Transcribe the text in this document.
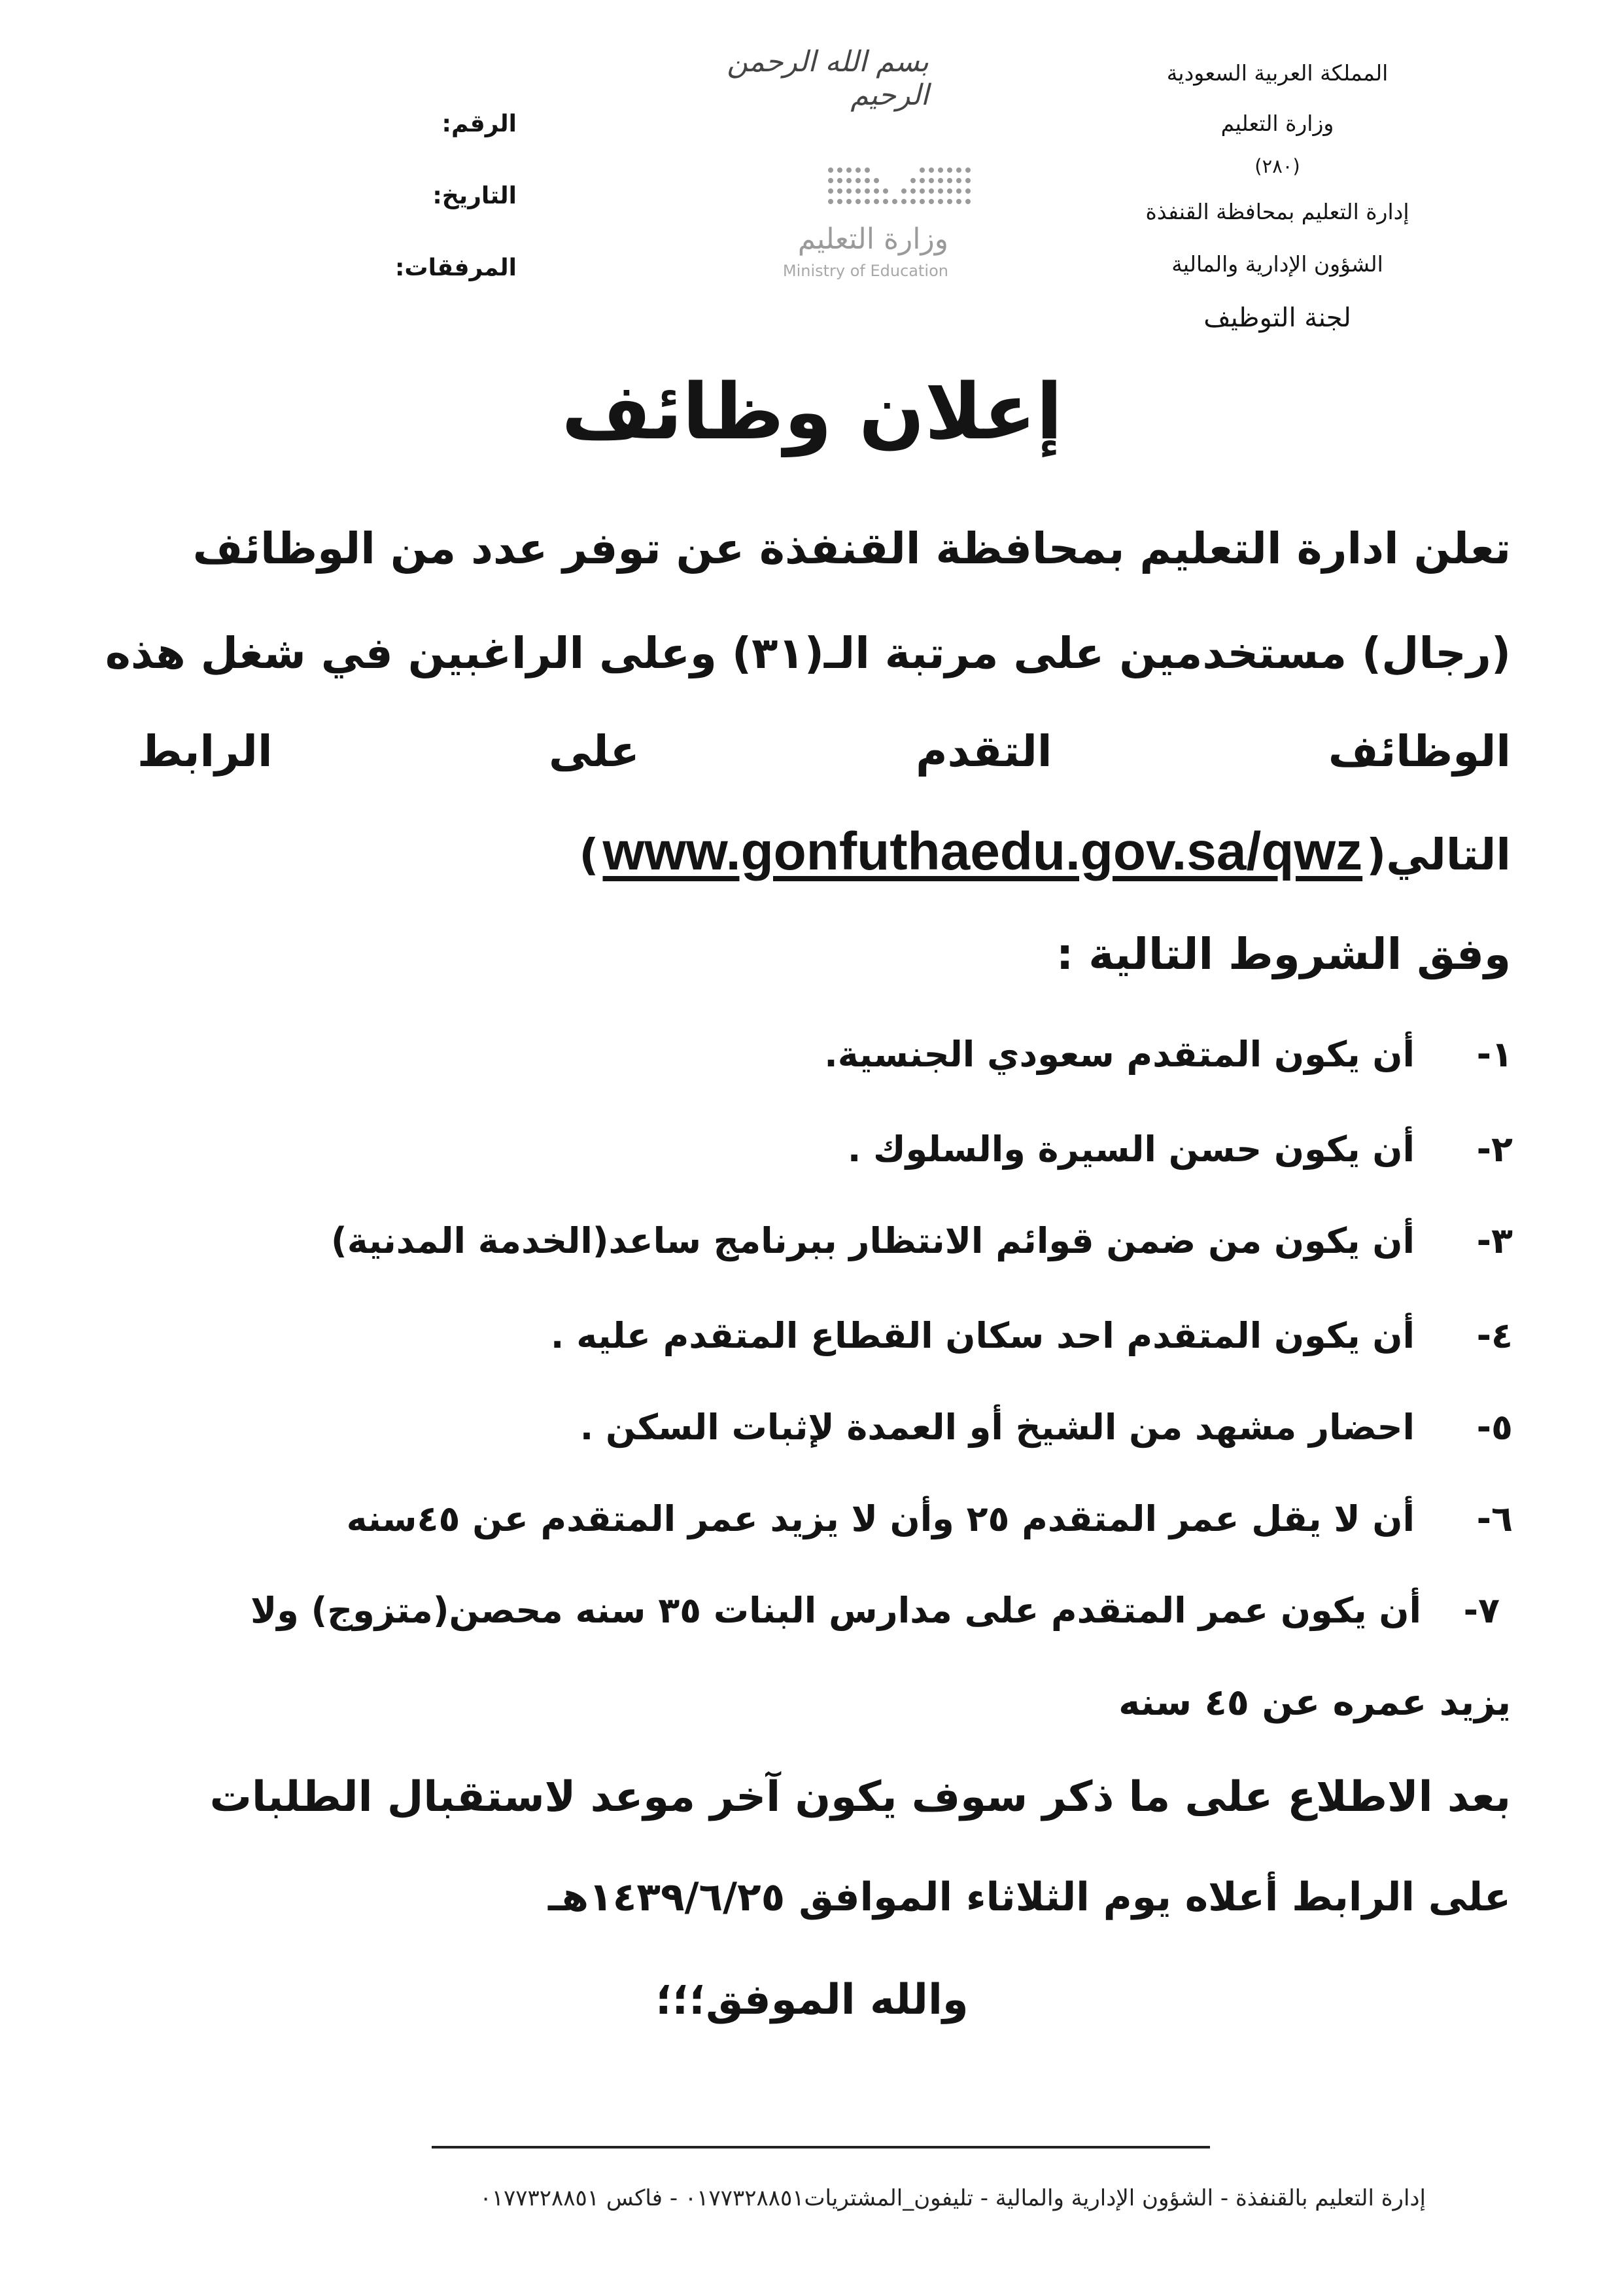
المملكة العربية السعودية
وزارة التعليم
(٢٨٠)
إدارة التعليم بمحافظة القنفذة
الشؤون الإدارية والمالية
لجنة التوظيف
بسم الله الرحمن الرحيم
وزارة التعليم
Ministry of Education
الرقم:
التاريخ:
المرفقات:
إعلان وظائف
تعلن ادارة التعليم بمحافظة القنفذة عن توفر عدد من الوظائف
(رجال) مستخدمين على مرتبة الـ(٣١) وعلى الراغبين في شغل هذه
الوظائف
التقدم
على
الرابط
التالي(
www.gonfuthaedu.gov.sa/qwz
)
وفق الشروط التالية :
١-
أن يكون المتقدم سعودي الجنسية.
٢-
أن يكون حسن السيرة والسلوك .
٣-
أن يكون من ضمن قوائم الانتظار ببرنامج ساعد(الخدمة المدنية)
٤-
أن يكون المتقدم احد سكان القطاع المتقدم عليه .
٥-
احضار مشهد من الشيخ أو العمدة لإثبات السكن .
٦-
أن لا يقل عمر المتقدم ٢٥ وأن لا يزيد عمر المتقدم عن ٤٥سنه
٧-
أن يكون عمر المتقدم على مدارس البنات ٣٥ سنه محصن(متزوج) ولا
يزيد عمره عن ٤٥ سنه
بعد الاطلاع على ما ذكر سوف يكون آخر موعد لاستقبال الطلبات
على الرابط أعلاه يوم الثلاثاء الموافق ١٤٣٩/٦/٢٥هـ
والله الموفق؛؛؛
إدارة التعليم بالقنفذة - الشؤون الإدارية والمالية - تليفون_المشتريات٠١٧٧٣٢٨٨٥١ - فاكس ٠١٧٧٣٢٨٨٥١
